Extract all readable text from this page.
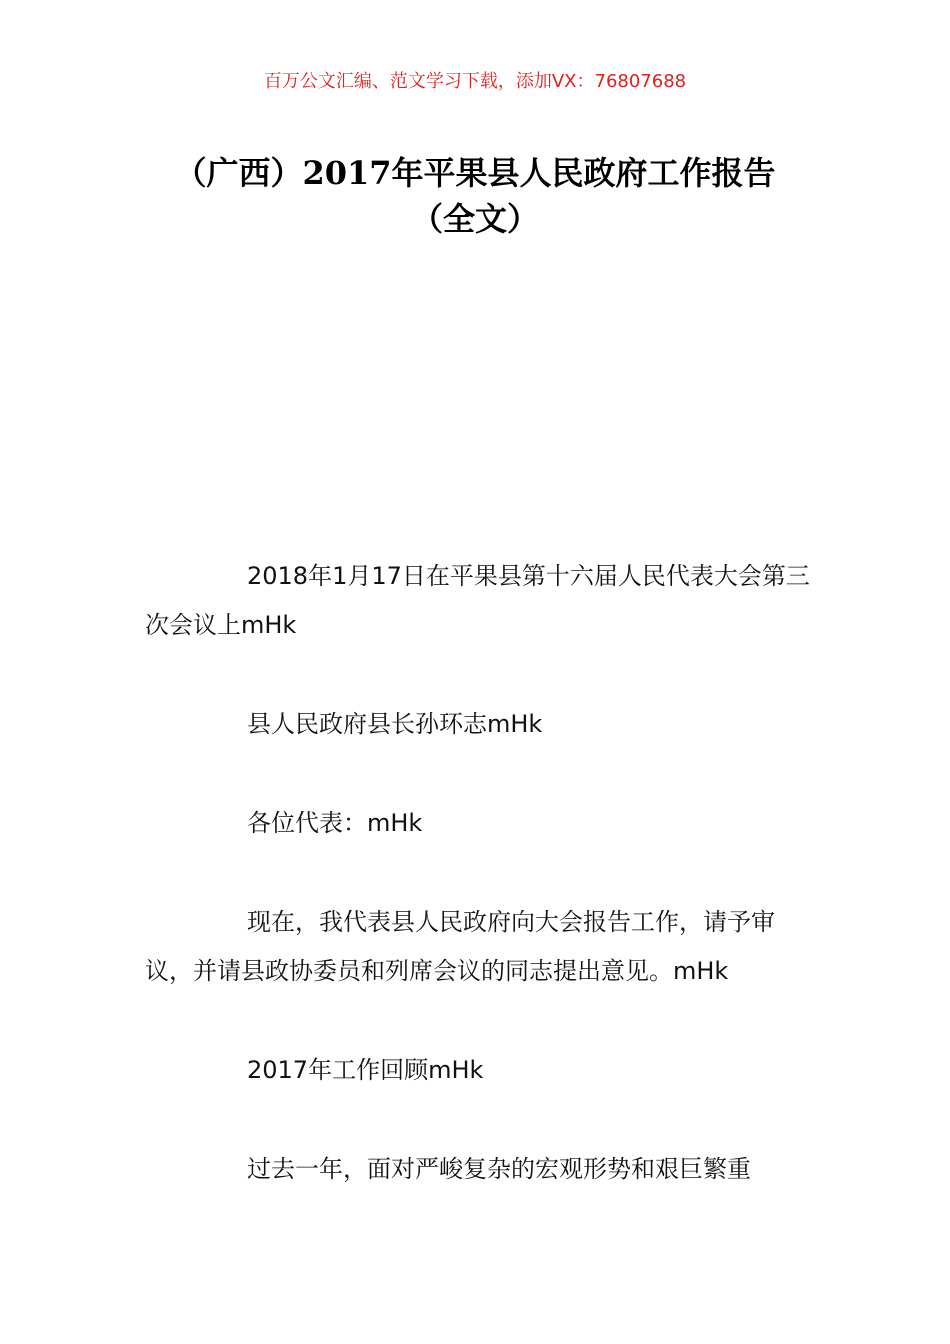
百万公文汇编、范文学习下载，添加VX：76807688
（广西）2017年平果县人民政府工作报告
（全文）

2018年1月17日在平果县第十六届人民代表大会第三次会议上mHk

县人民政府县长孙环志mHk

各位代表：mHk

现在，我代表县人民政府向大会报告工作，请予审议，并请县政协委员和列席会议的同志提出意见。mHk

2017年工作回顾mHk

过去一年，面对严峻复杂的宏观形势和艰巨繁重
